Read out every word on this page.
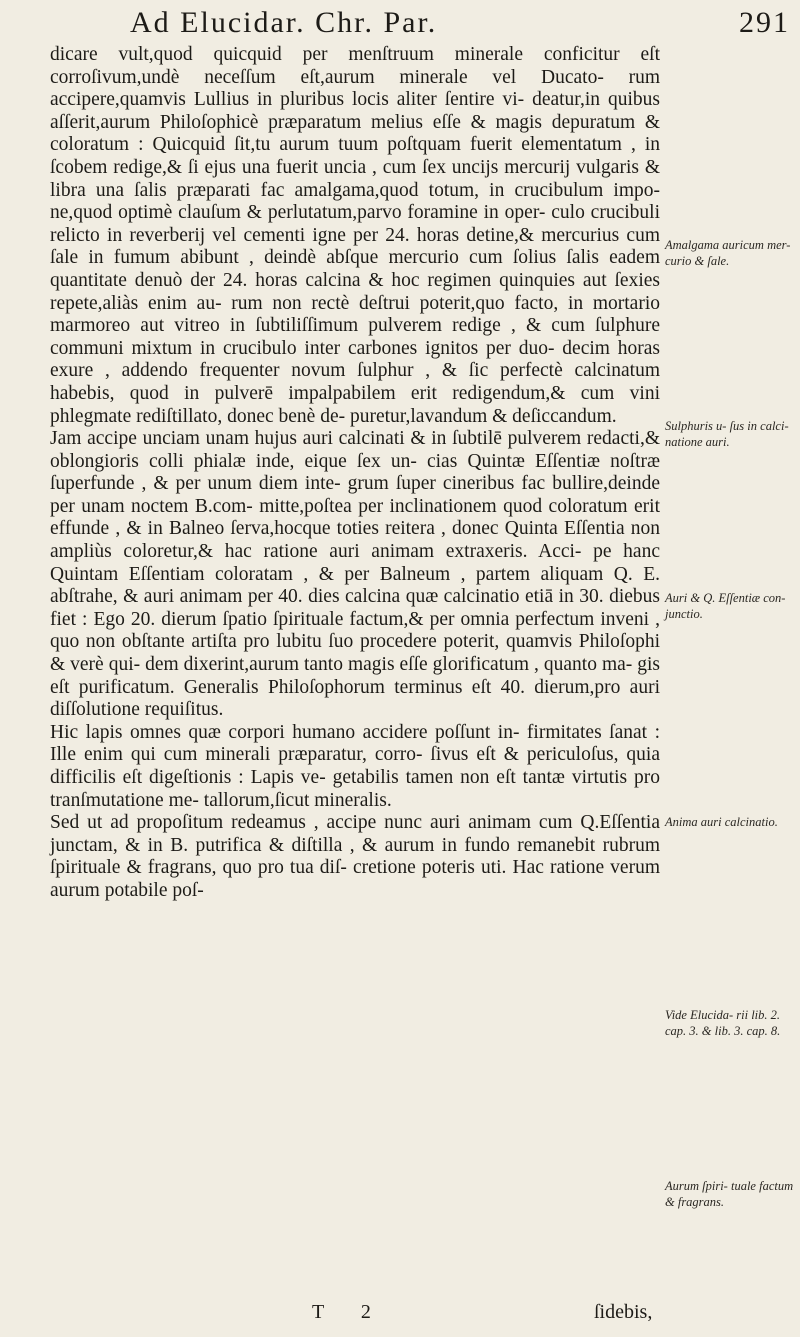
Ad Elucidar. Chr. Par.	291
dicare vult,quod quicquid per menſtruum minerale conficitur eſt corroſivum,undè neceſſum eſt,aurum minerale vel Ducato- rum accipere,quamvis Lullius in pluribus locis aliter ſentire vi- deatur,in quibus aſſerit,aurum Philoſophicè præparatum melius eſſe & magis depuratum & coloratum : Quicquid ſit,tu aurum tuum poſtquam fuerit elementatum , in ſcobem redige,& ſi ejus una fuerit uncia , cum ſex uncijs mercurij vulgaris & libra una ſalis præparati fac amalgama,quod totum, in crucibulum impo- ne,quod optimè clauſum & perlutatum,parvo foramine in oper- culo crucibuli relicto in reverberij vel cementi igne per 24. horas detine,& mercurius cum ſale in fumum abibunt , deindè abſque mercurio cum ſolius ſalis eadem quantitate denuò der 24. horas calcina & hoc regimen quinquies aut ſexies repete,aliàs enim au- rum non rectè deſtrui poterit,quo facto, in mortario marmoreo aut vitreo in ſubtiliſſimum pulverem redige , & cum ſulphure communi mixtum in crucibulo inter carbones ignitos per duo- decim horas exure , addendo frequenter novum ſulphur , & ſic perfectè calcinatum habebis, quod in pulverē impalpabilem erit redigendum,& cum vini phlegmate rediſtillato, donec benè de- puretur,lavandum & deſiccandum.
Jam accipe unciam unam hujus auri calcinati & in ſubtilē pulverem redacti,& oblongioris colli phialæ inde, eique ſex un- cias Quintæ Eſſentiæ noſtræ ſuperfunde , & per unum diem inte- grum ſuper cineribus fac bullire,deinde per unam noctem B.com- mitte,poſtea per inclinationem quod coloratum erit effunde , & in Balneo ſerva,hocque toties reitera , donec Quinta Eſſentia non ampliùs coloretur,& hac ratione auri animam extraxeris. Acci- pe hanc Quintam Eſſentiam coloratam , & per Balneum , partem aliquam Q. E. abſtrahe, & auri animam per 40. dies calcina quæ calcinatio etiā in 30. diebus fiet : Ego 20. dierum ſpatio ſpirituale factum,& per omnia perfectum inveni , quo non obſtante artiſta pro lubitu ſuo procedere poterit, quamvis Philoſophi & verè qui- dem dixerint,aurum tanto magis eſſe glorificatum , quanto ma- gis eſt purificatum. Generalis Philoſophorum terminus eſt 40. dierum,pro auri diſſolutione requiſitus.
Hic lapis omnes quæ corpori humano accidere poſſunt in- firmitates ſanat : Ille enim qui cum minerali præparatur, corro- ſivus eſt & periculoſus, quia difficilis eſt digeſtionis : Lapis ve- getabilis tamen non eſt tantæ virtutis pro tranſmutatione me- tallorum,ſicut mineralis.
Sed ut ad propoſitum redeamus , accipe nunc auri animam cum Q.Eſſentia junctam, & in B. putrifica & diſtilla , & aurum in fundo remanebit rubrum ſpirituale & fragrans, quo pro tua diſ- cretione poteris uti. Hac ratione verum aurum potabile poſ-
Amalgama auricum mer- curio & ſale.
Sulphuris u- ſus in calci- natione auri.
Auri & Q. Eſſentiæ con- junctio.
Anima auri calcinatio.
Vide Elucida- rii lib. 2. cap. 3. & lib. 3. cap. 8.
Aurum ſpiri- tuale factum & fragrans.
T 2	ſidebis,
